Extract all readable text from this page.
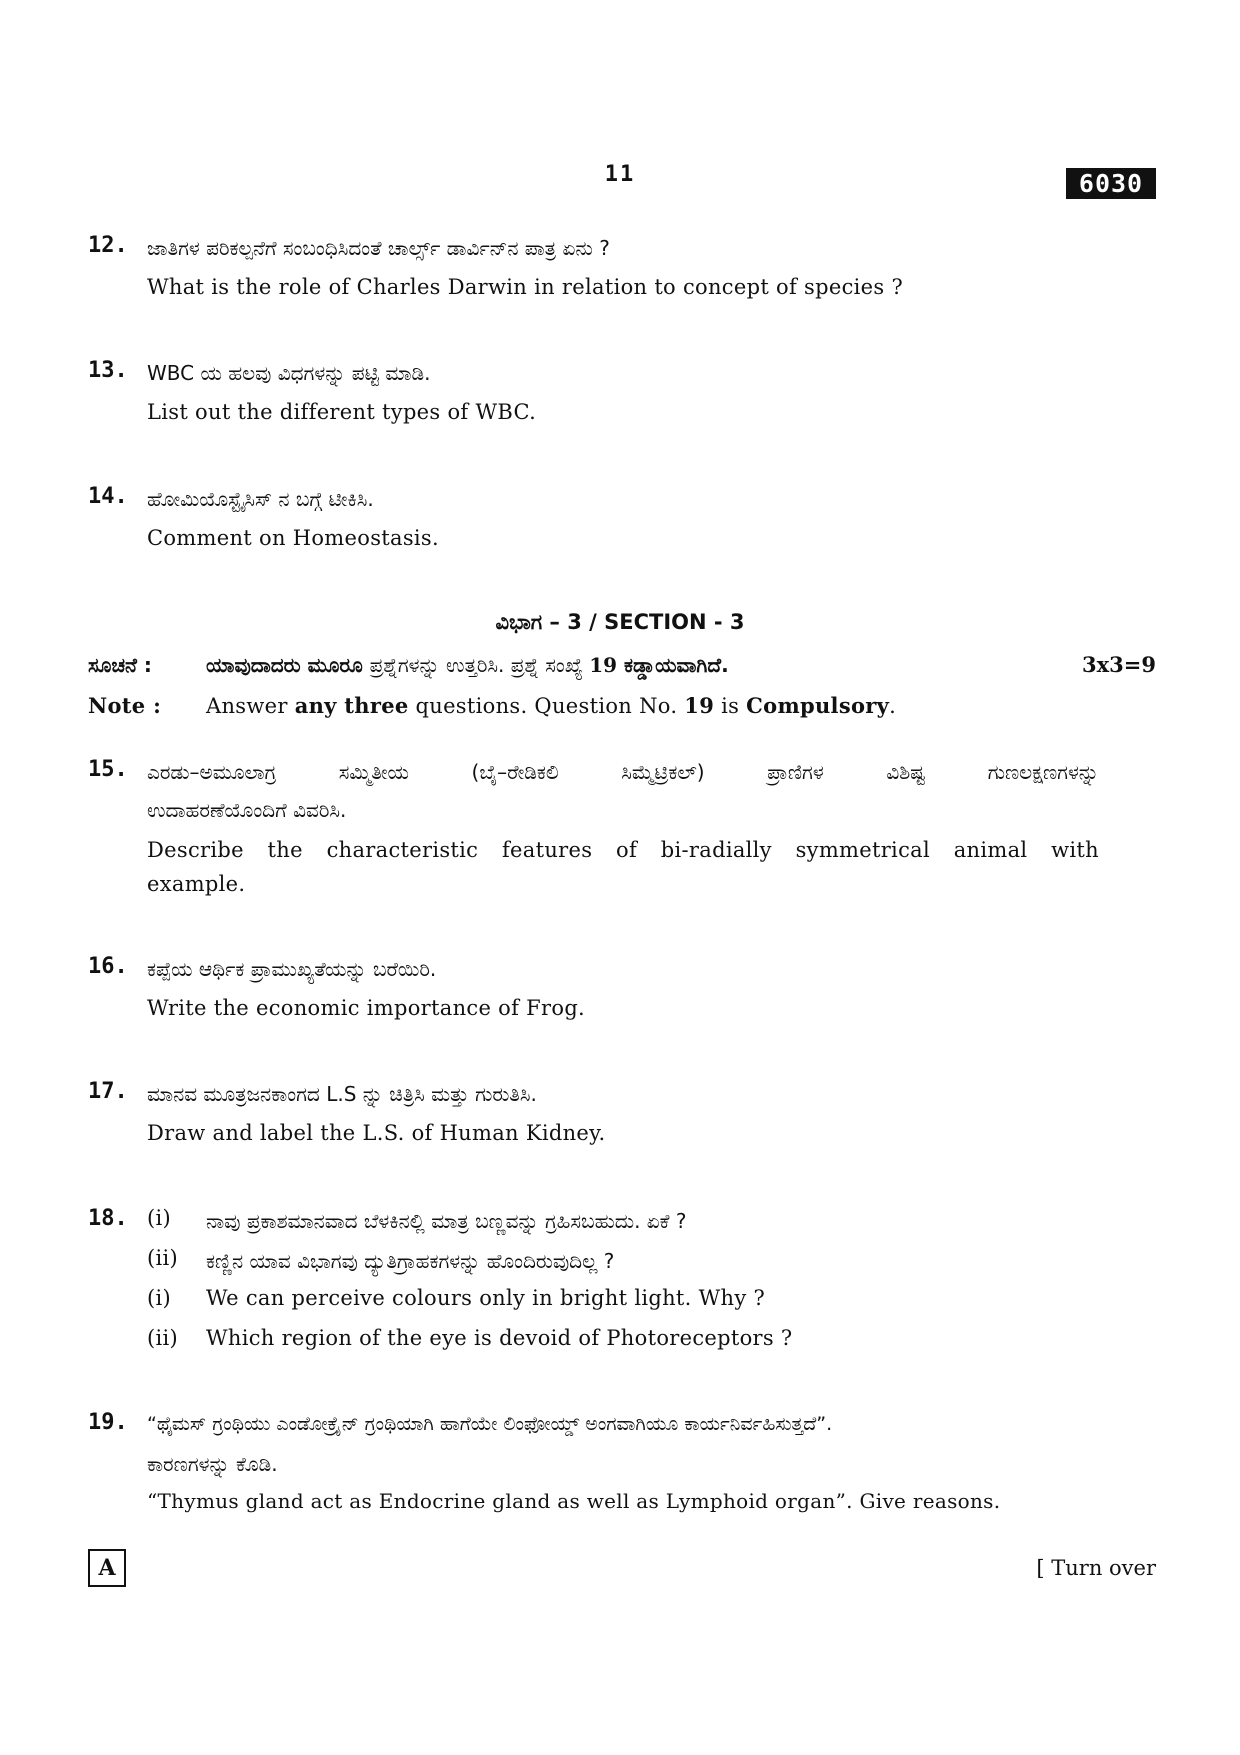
11	6030
12. ಜಾತಿಗಳ ಪರಿಕಲ್ಪನೆಗೆ ಸಂಬಂಧಿಸಿದಂತೆ ಚಾರ್ಲ್ಸ್ ಡಾರ್ವಿನ್‌ನ ಪಾತ್ರ ಏನು ?
What is the role of Charles Darwin in relation to concept of species ?
13. WBC ಯ ಹಲವು ವಿಧಗಳನ್ನು ಪಟ್ಟಿ ಮಾಡಿ.
List out the different types of WBC.
14. ಹೋಮಿಯೊಸ್ಟೈಸಿಸ್ ನ ಬಗ್ಗೆ ಟೀಕಿಸಿ.
Comment on Homeostasis.
ವಿಭಾಗ – 3 / SECTION - 3
ಸೂಚನೆ :	ಯಾವುದಾದರು ಮೂರೂ ಪ್ರಶ್ನೆಗಳನ್ನು ಉತ್ತರಿಸಿ. ಪ್ರಶ್ನೆ ಸಂಖ್ಯೆ 19 ಕಡ್ಡಾಯವಾಗಿದೆ.	3x3=9
Note : Answer any three questions. Question No. 19 is Compulsory.
15. ಎರಡು–ಅಮೂಲಾಗ್ರ ಸಮ್ಮಿತೀಯ (ಬೈ–ರೇಡಿಕಲಿ ಸಿಮ್ಮೆಟ್ರಿಕಲ್) ಪ್ರಾಣಿಗಳ ವಿಶಿಷ್ಟ ಗುಣಲಕ್ಷಣಗಳನ್ನು
ಉದಾಹರಣೆಯೊಂದಿಗೆ ವಿವರಿಸಿ.
Describe the characteristic features of bi-radially symmetrical animal with
example.
16. ಕಪ್ಪೆಯ ಆರ್ಥಿಕ ಪ್ರಾಮುಖ್ಯತೆಯನ್ನು ಬರೆಯಿರಿ.
Write the economic importance of Frog.
17. ಮಾನವ ಮೂತ್ರಜನಕಾಂಗದ L.S ನ್ನು ಚಿತ್ರಿಸಿ ಮತ್ತು ಗುರುತಿಸಿ.
Draw and label the L.S. of Human Kidney.
18. (i) ನಾವು ಪ್ರಕಾಶಮಾನವಾದ ಬೆಳಕಿನಲ್ಲಿ ಮಾತ್ರ ಬಣ್ಣವನ್ನು ಗ್ರಹಿಸಬಹುದು. ಏಕೆ ?
(ii) ಕಣ್ಣಿನ ಯಾವ ವಿಭಾಗವು ದ್ಯುತಿಗ್ರಾಹಕಗಳನ್ನು ಹೊಂದಿರುವುದಿಲ್ಲ ?
(i) We can perceive colours only in bright light. Why ?
(ii) Which region of the eye is devoid of Photoreceptors ?
19. “ಥೈಮಸ್ ಗ್ರಂಥಿಯು ಎಂಡೋಕ್ರೈನ್ ಗ್ರಂಥಿಯಾಗಿ ಹಾಗೆಯೇ ಲಿಂಫೋಯ್ಡ್ ಅಂಗವಾಗಿಯೂ ಕಾರ್ಯನಿರ್ವಹಿಸುತ್ತದೆ”.
ಕಾರಣಗಳನ್ನು ಕೊಡಿ.
“Thymus gland act as Endocrine gland as well as Lymphoid organ”. Give reasons.
A	[ Turn over
